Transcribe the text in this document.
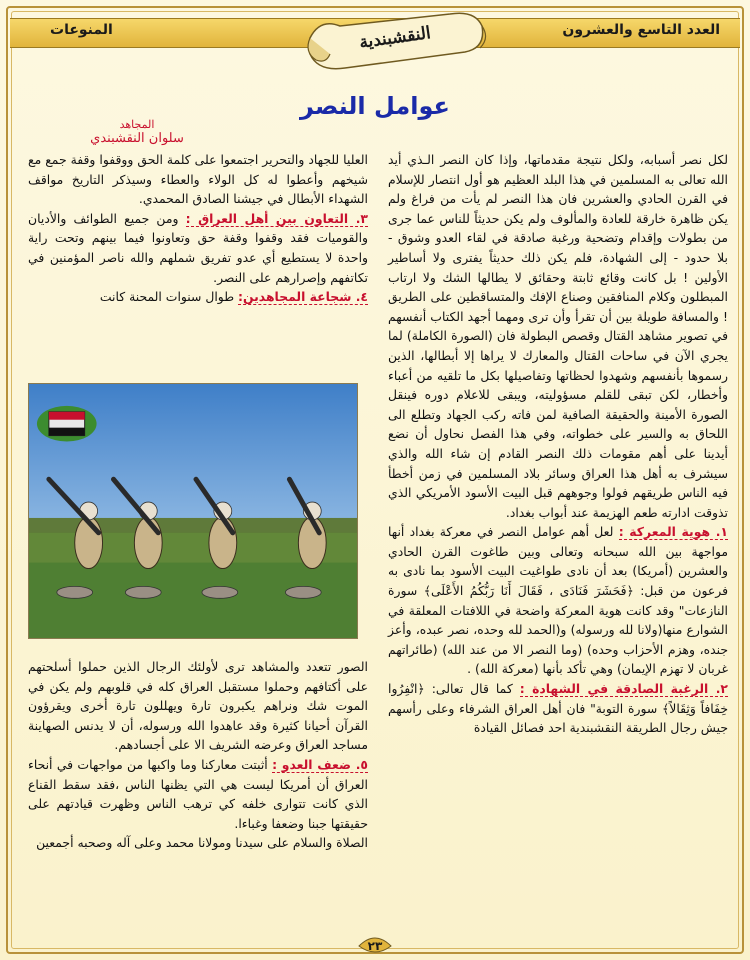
العدد التاسع والعشرون
المنوعات	النقشبندية
عوامل النصر
المجاهد
سلوان النقشبندي
لكل نصر أسبابه، ولكل نتيجة مقدماتها، وإذا كان النصر الـذي أيد الله تعالى به المسلمين في هذا البلد العظيم هو أول انتصار للإسلام في القرن الحادي والعشرين فان هذا النصر لم يأت من فراغ ولم يكن ظاهرة خارقة للعادة والمألوف ولم يكن حديثاً للناس عما جرى من بطولات وإقدام وتضحية ورغبة صادقة في لقاء العدو وشوق - بلا حدود - إلى الشهادة، فلم يكن ذلك حديثاً يفترى ولا أساطير الأولين ! بل كانت وقائع ثابتة وحقائق لا يطالها الشك ولا ارتاب المبطلون وكلام المنافقين وصناع الإفك والمتساقطين على الطريق ! والمسافة طويلة بين أن تقرأ وأن ترى ومهما أجهد الكتاب أنفسهم في تصوير مشاهد القتال وقصص البطولة فان (الصورة الكاملة) لما يجري الآن في ساحات القتال والمعارك لا يراها إلا أبطالها، الذين رسموها بأنفسهم وشهدوا لحظاتها وتفاصيلها بكل ما تلقيه من أعباء وأخطار، لكن تبقى للقلم مسؤوليته، ويبقى للاعلام دوره فينقل الصورة الأمينة والحقيقة الصافية لمن فاته ركب الجهاد وتطلع الى اللحاق به والسير على خطواته، وفي هذا الفصل نحاول أن نضع أيدينا على أهم مقومات ذلك النصر القادم إن شاء الله والذي سيشرف به أهل هذا العراق وسائر بلاد المسلمين في زمن أخطأ فيه الناس طريقهم فولوا وجوههم قبل البيت الأسود الأمريكي الذي تذوقت ادارته طعم الهزيمة عند أبواب بغداد.
١. هوية المعركة : لعل أهم عوامل النصر في معركة بغداد أنها مواجهة بين الله سبحانه وتعالى وبين طاغوت القرن الحادي والعشرين (أمريكا) بعد أن نادى طواغيت البيت الأسود بما نادى به فرعون من قبل: ﴿فَحَشَرَ فَنَادَى ، فَقَالَ أَنَا رَبُّكُمُ الأَعْلَى﴾ سورة النازعات" وقد كانت هوية المعركة واضحة في اللافتات المعلقة في الشوارع منها(ولانا لله ورسوله) و(الحمد لله وحده، نصر عبده، وأعز جنده، وهزم الأحزاب وحده) (وما النصر الا من عند الله) (طائراتهم غربان لا تهزم الإيمان) وهي تأكد بأنها (معركة الله) .
٢. الرغبة الصادقة في الشهادة : كما قال تعالى: ﴿انْفِرُوا خِفَافاً وَثِقَالاً﴾ سورة التوبة" فان أهل العراق الشرفاء وعلى رأسهم جيش رجال الطريقة النقشبندية احد فصائل القيادة
العليا للجهاد والتحرير اجتمعوا على كلمة الحق ووقفوا وقفة جمع مع شيخهم وأعطوا له كل الولاء والعطاء وسيذكر التاريخ مواقف الشهداء الأبطال في جيشنا الصادق المحمدي.
٣. التعاون بين أهل العراق : ومن جميع الطوائف والأديان والقوميات فقد وقفوا وقفة حق وتعاونوا فيما بينهم وتحت راية واحدة لا يستطيع أي عدو تفريق شملهم والله ناصر المؤمنين في تكاتفهم وإصرارهم على النصر.
٤. شجاعة المجاهدين: طوال سنوات المحنة كانت
الصور تتعدد والمشاهد ترى لأولئك الرجال الذين حملوا أسلحتهم على أكتافهم وحملوا مستقبل العراق كله في قلوبهم ولم يكن في الموت شك ونراهم يكبرون تارة ويهللون تارة أخرى ويقرؤون القرآن أحيانا كثيرة وقد عاهدوا الله ورسوله، أن لا يدنس الصهاينة مساجد العراق وعرضه الشريف الا على أجسادهم.
٥. ضعف العدو : أثبتت معاركنا وما واكبها من مواجهات في أنحاء العراق أن أمريكا ليست هي التي يظنها الناس ،فقد سقط القناع الذي كانت تتوارى خلفه كي ترهب الناس وظهرت قيادتهم على حقيقتها جبنا وضعفا وغباءا.
الصلاة والسلام على سيدنا ومولانا محمد وعلى آله وصحبه أجمعين
٢٣
